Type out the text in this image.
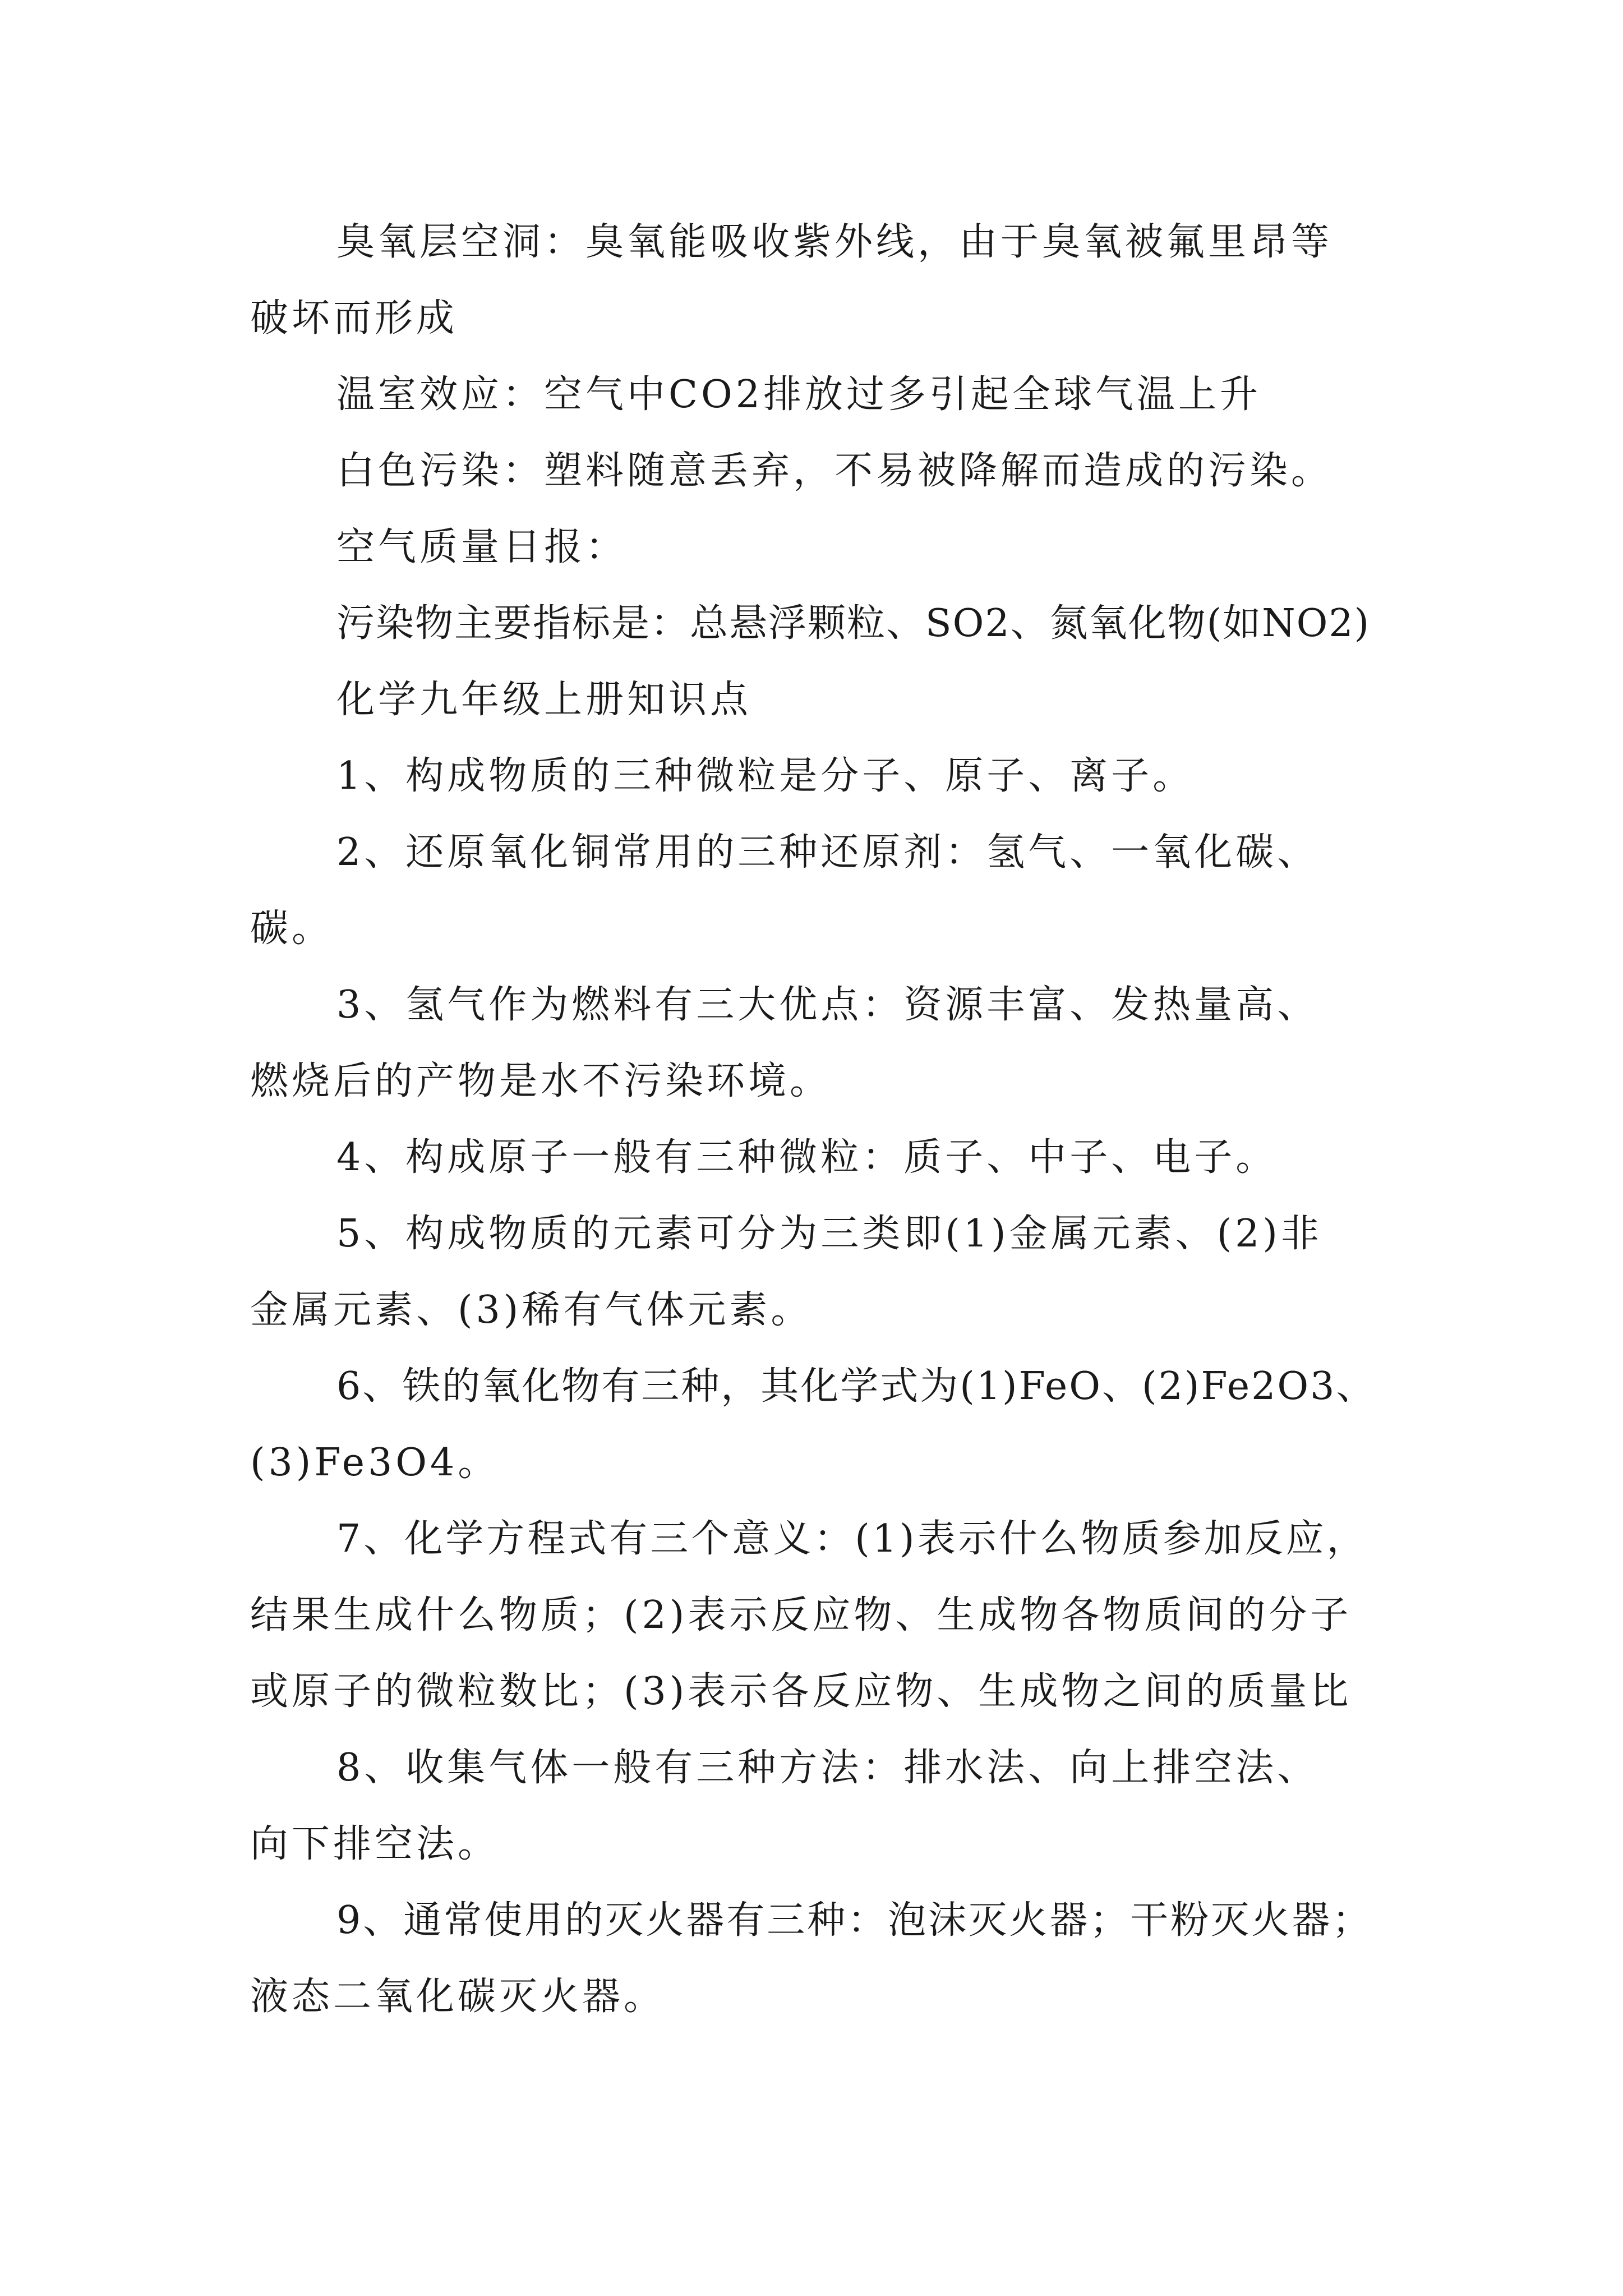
臭氧层空洞：臭氧能吸收紫外线，由于臭氧被氟里昂等
破坏而形成
温室效应：空气中CO2排放过多引起全球气温上升
白色污染：塑料随意丢弃，不易被降解而造成的污染。
空气质量日报：
污染物主要指标是：总悬浮颗粒、SO2、氮氧化物(如NO2)
化学九年级上册知识点
1、构成物质的三种微粒是分子、原子、离子。
2、还原氧化铜常用的三种还原剂：氢气、一氧化碳、
碳。
3、氢气作为燃料有三大优点：资源丰富、发热量高、
燃烧后的产物是水不污染环境。
4、构成原子一般有三种微粒：质子、中子、电子。
5、构成物质的元素可分为三类即(1)金属元素、(2)非
金属元素、(3)稀有气体元素。
6、铁的氧化物有三种，其化学式为(1)FeO、(2)Fe2O3、
(3)Fe3O4。
7、化学方程式有三个意义：(1)表示什么物质参加反应，
结果生成什么物质；(2)表示反应物、生成物各物质间的分子
或原子的微粒数比；(3)表示各反应物、生成物之间的质量比
8、收集气体一般有三种方法：排水法、向上排空法、
向下排空法。
9、通常使用的灭火器有三种：泡沫灭火器；干粉灭火器；
液态二氧化碳灭火器。
